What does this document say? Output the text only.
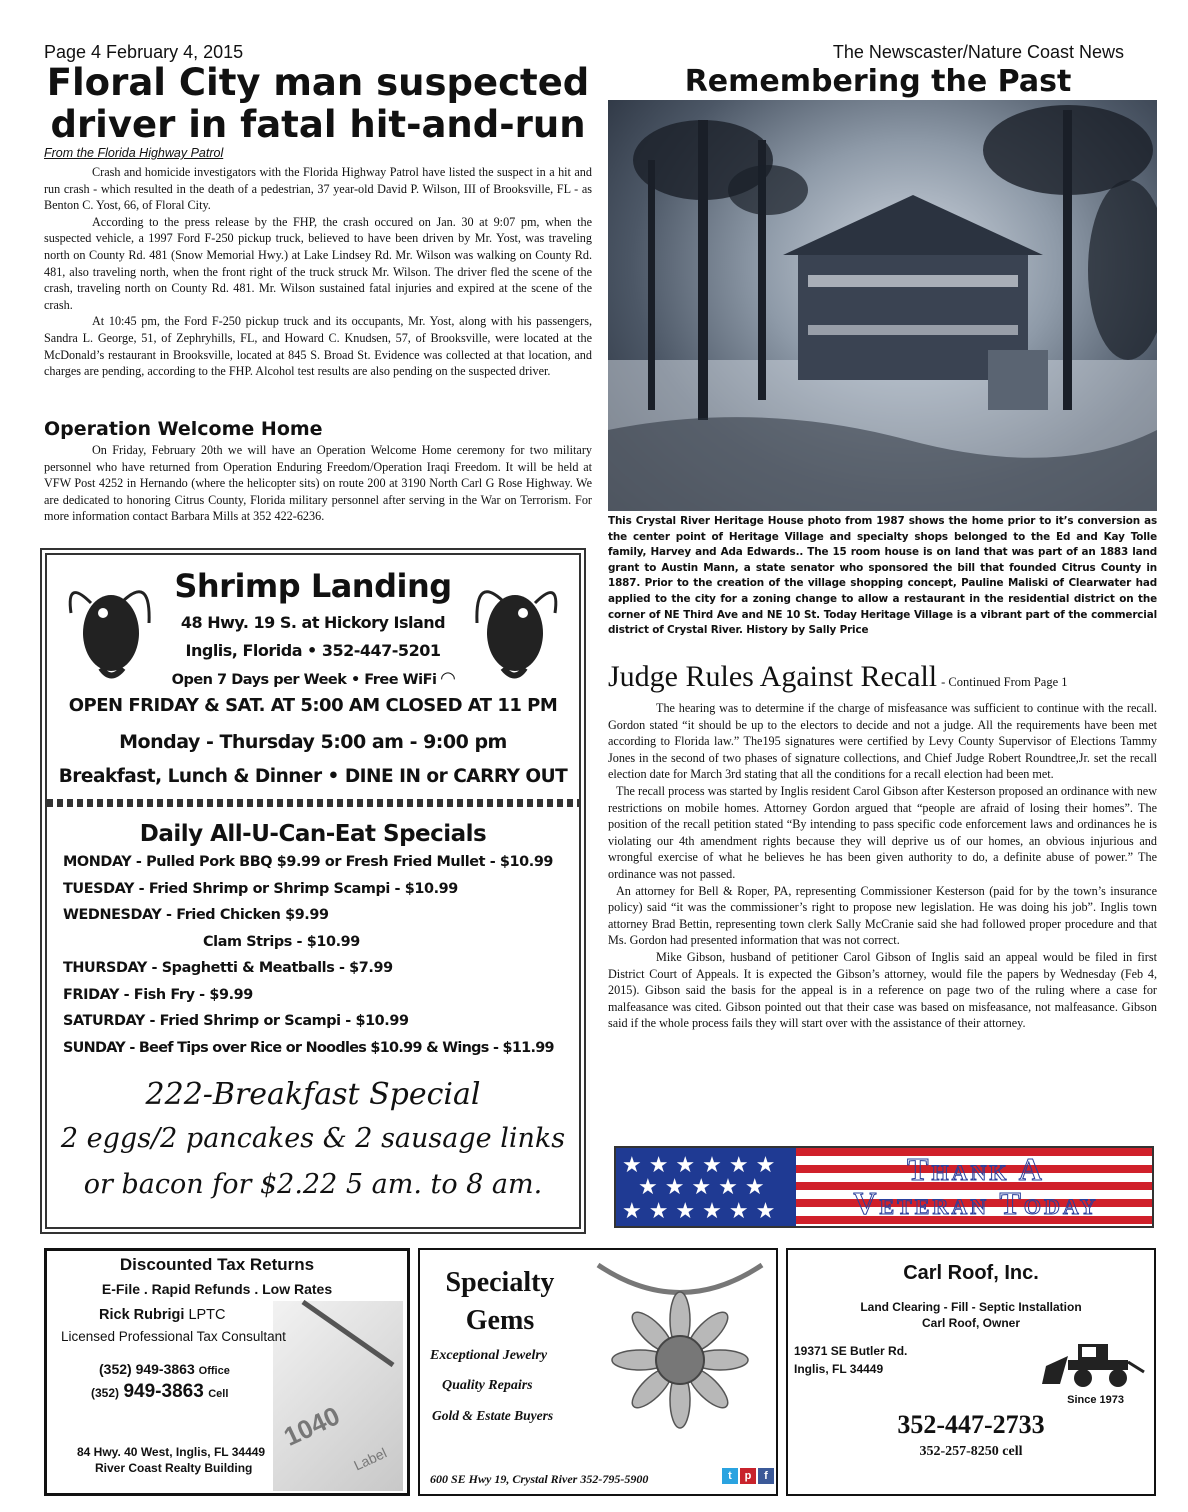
Page 4 February 4, 2015	The Newscaster/Nature Coast News
Floral City man suspected
driver in fatal hit-and-run
From the Florida Highway Patrol

Crash and homicide investigators with the Florida Highway Patrol have listed the suspect in a hit and run crash - which resulted in the death of a pedestrian, 37 year-old David P. Wilson, III of Brooksville, FL - as Benton C. Yost, 66, of Floral City.

According to the press release by the FHP, the crash occured on Jan. 30 at 9:07 pm, when the suspected vehicle, a 1997 Ford F-250 pickup truck, believed to have been driven by Mr. Yost, was traveling north on County Rd. 481 (Snow Memorial Hwy.) at Lake Lindsey Rd. Mr. Wilson was walking on County Rd. 481, also traveling north, when the front right of the truck struck Mr. Wilson. The driver fled the scene of the crash, traveling north on County Rd. 481. Mr. Wilson sustained fatal injuries and expired at the scene of the crash.

At 10:45 pm, the Ford F-250 pickup truck and its occupants, Mr. Yost, along with his passengers, Sandra L. George, 51, of Zephryhills, FL, and Howard C. Knudsen, 57, of Brooksville, were located at the McDonald’s restaurant in Brooksville, located at 845 S. Broad St. Evidence was collected at that location, and charges are pending, according to the FHP. Alcohol test results are also pending on the suspected driver.

Operation Welcome Home

On Friday, February 20th we will have an Operation Welcome Home ceremony for two military personnel who have returned from Operation Enduring Freedom/Operation Iraqi Freedom. It will be held at VFW Post 4252 in Hernando (where the helicopter sits) on route 200 at 3190 North Carl G Rose Highway. We are dedicated to honoring Citrus County, Florida military personnel after serving in the War on Terrorism. For more information contact Barbara Mills at 352 422-6236.

Remembering the Past
This Crystal River Heritage House photo from 1987 shows the home prior to it’s conversion as the center point of Heritage Village and specialty shops belonged to the Ed and Kay Tolle family, Harvey and Ada Edwards.. The 15 room house is on land that was part of an 1883 land grant to Austin Mann, a state senator who sponsored the bill that founded Citrus County in 1887. Prior to the creation of the village shopping concept, Pauline Maliski of Clearwater had applied to the city for a zoning change to allow a restaurant in the residential district on the corner of NE Third Ave and NE 10 St. Today Heritage Village is a vibrant part of the commercial district of Crystal River. History by Sally Price
Judge Rules Against Recall - Continued From Page 1

The hearing was to determine if the charge of misfeasance was sufficient to continue with the recall. Gordon stated “it should be up to the electors to decide and not a judge. All the requirements have been met according to Florida law.” The195 signatures were certified by Levy County Supervisor of Elections Tammy Jones in the second of two phases of signature collections, and Chief Judge Robert Roundtree,Jr. set the recall election date for March 3rd stating that all the conditions for a recall election had been met.

The recall process was started by Inglis resident Carol Gibson after Kesterson proposed an ordinance with new restrictions on mobile homes. Attorney Gordon argued that “people are afraid of losing their homes”. The position of the recall petition stated “By intending to pass specific code enforcement laws and ordinances he is violating our 4th amendment rights because they will deprive us of our homes, an obvious injurious and wrongful exercise of what he believes he has been given authority to do, a definite abuse of power.” The ordinance was not passed.

An attorney for Bell & Roper, PA, representing Commissioner Kesterson (paid for by the town’s insurance policy) said “it was the commissioner’s right to propose new legislation. He was doing his job”. Inglis town attorney Brad Bettin, representing town clerk Sally McCranie said she had followed proper procedure and that Ms. Gordon had presented information that was not correct.

Mike Gibson, husband of petitioner Carol Gibson of Inglis said an appeal would be filed in first District Court of Appeals. It is expected the Gibson’s attorney, would file the papers by Wednesday (Feb 4, 2015). Gibson said the basis for the appeal is in a reference on page two of the ruling where a case for malfeasance was cited. Gibson pointed out that their case was based on misfeasance, not malfeasance. Gibson said if the whole process fails they will start over with the assistance of their attorney.

★ ★ ★ ★ ★ ★
★ ★ ★ ★ ★
★ ★ ★ ★ ★ ★
Thank A
Veteran Today
Shrimp Landing
48 Hwy. 19 S. at Hickory Island
Inglis, Florida • 352-447-5201
Open 7 Days per Week • Free WiFi ◠
OPEN FRIDAY & SAT. AT 5:00 AM CLOSED AT 11 PM
Monday - Thursday 5:00 am - 9:00 pm
Breakfast, Lunch & Dinner • DINE IN or CARRY OUT
Daily All-U-Can-Eat Specials
MONDAY - Pulled Pork BBQ $9.99 or Fresh Fried Mullet - $10.99
TUESDAY - Fried Shrimp or Shrimp Scampi - $10.99
WEDNESDAY - Fried Chicken $9.99
Clam Strips - $10.99
THURSDAY - Spaghetti & Meatballs - $7.99
FRIDAY - Fish Fry - $9.99
SATURDAY - Fried Shrimp or Scampi - $10.99
SUNDAY - Beef Tips over Rice or Noodles $10.99 & Wings - $11.99
222-Breakfast Special
2 eggs/2 pancakes & 2 sausage links
or bacon for $2.22 5 am. to 8 am.
1040
Label
Discounted Tax Returns
E-File . Rapid Refunds . Low Rates
Rick Rubrigi LPTC
Licensed Professional Tax Consultant
(352) 949-3863 Office
(352) 949-3863 Cell
84 Hwy. 40 West, Inglis, FL 34449
River Coast Realty Building
Specialty
Gems
Exceptional Jewelry
Quality Repairs
Gold & Estate Buyers
600 SE Hwy 19, Crystal River 352-795-5900	t	p	f
Carl Roof, Inc.
Land Clearing - Fill - Septic Installation
Carl Roof, Owner
19371 SE Butler Rd.
Inglis, FL 34449
Since 1973
352-447-2733
352-257-8250 cell
